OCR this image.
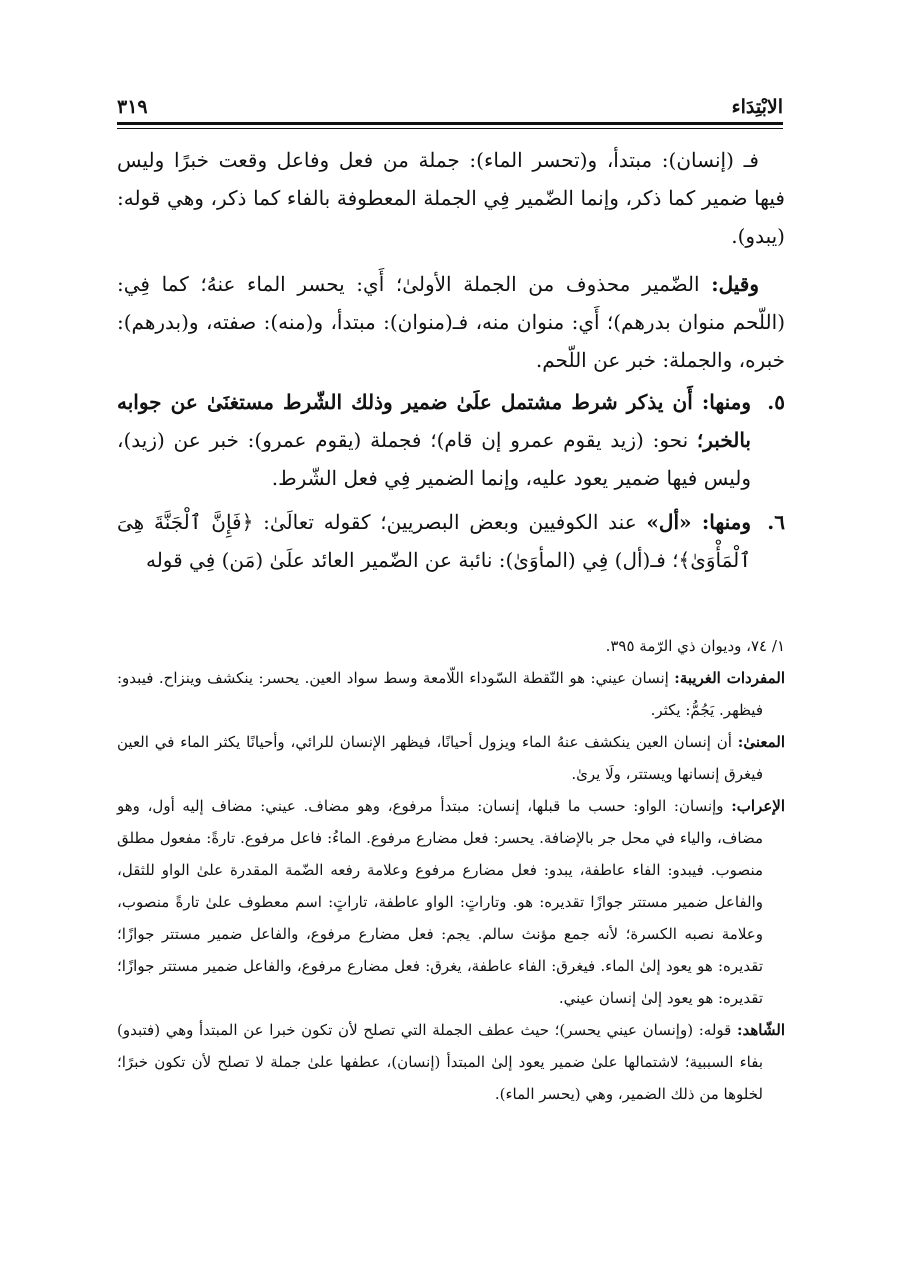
٣١٩	الابْتِدَاء

فـ (إنسان): مبتدأ، و(تحسر الماء): جملة من فعل وفاعل وقعت خبرًا وليس فيها ضمير كما ذكر، وإنما الضّمير فِي الجملة المعطوفة بالفاء كما ذكر، وهي قوله: (يبدو).

وقيل: الضّمير محذوف من الجملة الأولىٰ؛ أَي: يحسر الماء عنهُ؛ كما فِي: (اللّحم منوان بدرهم)؛ أَي: منوان منه، فـ(منوان): مبتدأ، و(منه): صفته، و(بدرهم): خبره، والجملة: خبر عن اللّحم.

٥.
ومنها: أَن يذكر شرط مشتمل علَىٰ ضمير وذلك الشّرط مستغنَىٰ عن جوابه بالخبر؛ نحو: (زيد يقوم عمرو إن قام)؛ فجملة (يقوم عمرو): خبر عن (زيد)، وليس فيها ضمير يعود عليه، وإنما الضمير فِي فعل الشّرط.
٦.
ومنها: «أل» عند الكوفيين وبعض البصريين؛ كقوله تعالَىٰ: ﴿فَإِنَّ ٱلْجَنَّةَ هِىَ ٱلْمَأْوَىٰ﴾؛ فـ(أل) فِي (المأوَىٰ): نائبة عن الضّمير العائد علَىٰ (مَن) فِي قوله

١/ ٧٤، وديوان ذي الرّمة ٣٩٥.

المفردات الغريبة: إنسان عيني: هو النّقطة السّوداء اللّامعة وسط سواد العين. يحسر: ينكشف وينزاح. فيبدو: فيظهر. يَجُمُّ: يكثر.

المعنىٰ: أن إنسان العين ينكشف عنهُ الماء ويزول أحيانًا، فيظهر الإنسان للرائي، وأحيانًا يكثر الماء في العين فيغرق إنسانها ويستتر، ولَا يرىٰ.

الإعراب: وإنسان: الواو: حسب ما قبلها، إنسان: مبتدأ مرفوع، وهو مضاف. عيني: مضاف إليه أول، وهو مضاف، والياء في محل جر بالإضافة. يحسر: فعل مضارع مرفوع. الماءُ: فاعل مرفوع. تارةً: مفعول مطلق منصوب. فيبدو: الفاء عاطفة، يبدو: فعل مضارع مرفوع وعلامة رفعه الضّمة المقدرة علىٰ الواو للثقل، والفاعل ضمير مستتر جوازًا تقديره: هو. وتاراتٍ: الواو عاطفة، تاراتٍ: اسم معطوف علىٰ تارةً منصوب، وعلامة نصبه الكسرة؛ لأنه جمع مؤنث سالم. يجم: فعل مضارع مرفوع، والفاعل ضمير مستتر جوازًا؛ تقديره: هو يعود إلىٰ الماء. فيغرق: الفاء عاطفة، يغرق: فعل مضارع مرفوع، والفاعل ضمير مستتر جوازًا؛ تقديره: هو يعود إلىٰ إنسان عيني.

الشّاهد: قوله: (وإنسان عيني يحسر)؛ حيث عطف الجملة التي تصلح لأن تكون خبرا عن المبتدأ وهي (فتبدو) بفاء السببية؛ لاشتمالها علىٰ ضمير يعود إلىٰ المبتدأ (إنسان)، عطفها علىٰ جملة لا تصلح لأن تكون خبرًا؛ لخلوها من ذلك الضمير، وهي (يحسر الماء).
